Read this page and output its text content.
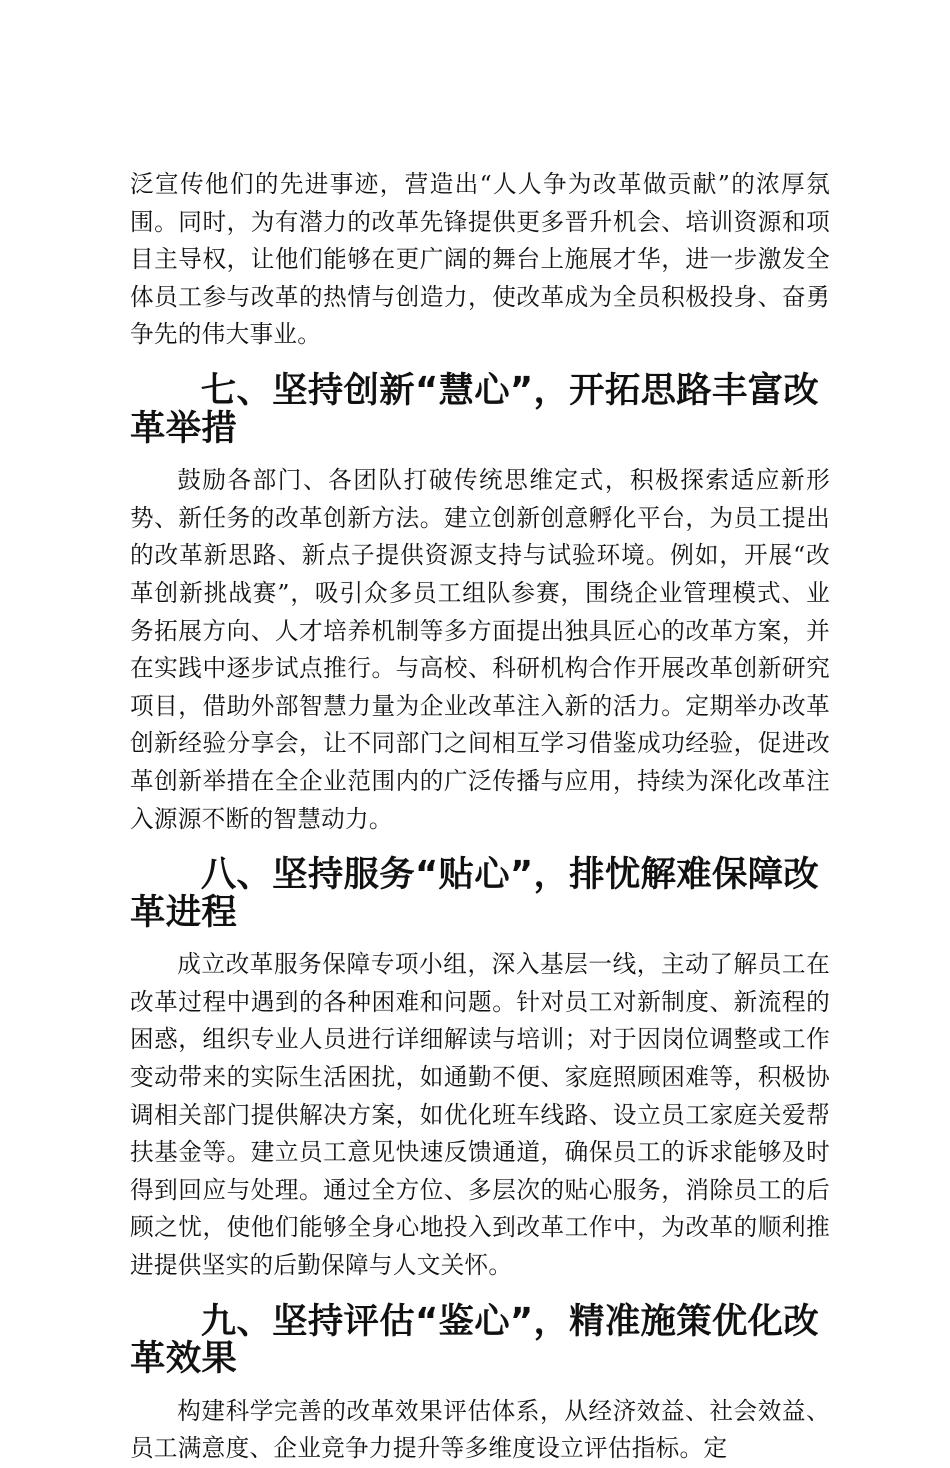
泛宣传他们的先进事迹，营造出“人人争为改革做贡献”的浓厚氛围。同时，为有潜力的改革先锋提供更多晋升机会、培训资源和项目主导权，让他们能够在更广阔的舞台上施展才华，进一步激发全体员工参与改革的热情与创造力，使改革成为全员积极投身、奋勇争先的伟大事业。

七、坚持创新“慧心”，开拓思路丰富改革举措

鼓励各部门、各团队打破传统思维定式，积极探索适应新形势、新任务的改革创新方法。建立创新创意孵化平台，为员工提出的改革新思路、新点子提供资源支持与试验环境。例如，开展“改革创新挑战赛”，吸引众多员工组队参赛，围绕企业管理模式、业务拓展方向、人才培养机制等多方面提出独具匠心的改革方案，并在实践中逐步试点推行。与高校、科研机构合作开展改革创新研究项目，借助外部智慧力量为企业改革注入新的活力。定期举办改革创新经验分享会，让不同部门之间相互学习借鉴成功经验，促进改革创新举措在全企业范围内的广泛传播与应用，持续为深化改革注入源源不断的智慧动力。

八、坚持服务“贴心”，排忧解难保障改革进程

成立改革服务保障专项小组，深入基层一线，主动了解员工在改革过程中遇到的各种困难和问题。针对员工对新制度、新流程的困惑，组织专业人员进行详细解读与培训；对于因岗位调整或工作变动带来的实际生活困扰，如通勤不便、家庭照顾困难等，积极协调相关部门提供解决方案，如优化班车线路、设立员工家庭关爱帮扶基金等。建立员工意见快速反馈通道，确保员工的诉求能够及时得到回应与处理。通过全方位、多层次的贴心服务，消除员工的后顾之忧，使他们能够全身心地投入到改革工作中，为改革的顺利推进提供坚实的后勤保障与人文关怀。

九、坚持评估“鉴心”，精准施策优化改革效果

构建科学完善的改革效果评估体系，从经济效益、社会效益、员工满意度、企业竞争力提升等多维度设立评估指标。定
